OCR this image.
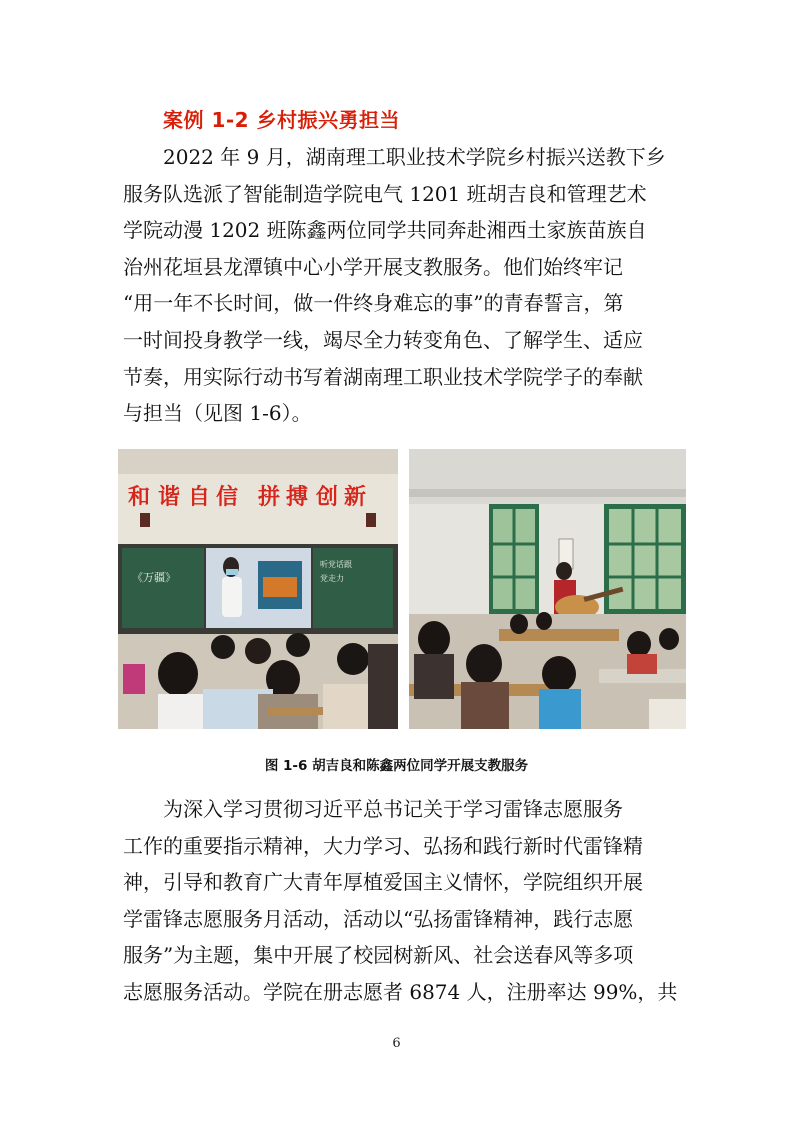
案例 1-2 乡村振兴勇担当
2022 年 9 月，湖南理工职业技术学院乡村振兴送教下乡
服务队选派了智能制造学院电气 1201 班胡吉良和管理艺术
学院动漫 1202 班陈鑫两位同学共同奔赴湘西土家族苗族自
治州花垣县龙潭镇中心小学开展支教服务。他们始终牢记
“用一年不长时间，做一件终身难忘的事”的青春誓言，第
一时间投身教学一线，竭尽全力转变角色、了解学生、适应
节奏，用实际行动书写着湖南理工职业技术学院学子的奉献
与担当（见图 1-6）。
和 谐 自 信 拼 搏 创 新
《万疆》
听党话跟
党走力
图 1-6 胡吉良和陈鑫两位同学开展支教服务
为深入学习贯彻习近平总书记关于学习雷锋志愿服务
工作的重要指示精神，大力学习、弘扬和践行新时代雷锋精
神，引导和教育广大青年厚植爱国主义情怀，学院组织开展
学雷锋志愿服务月活动，活动以“弘扬雷锋精神，践行志愿
服务”为主题，集中开展了校园树新风、社会送春风等多项
志愿服务活动。学院在册志愿者 6874 人，注册率达 99%，共
6
